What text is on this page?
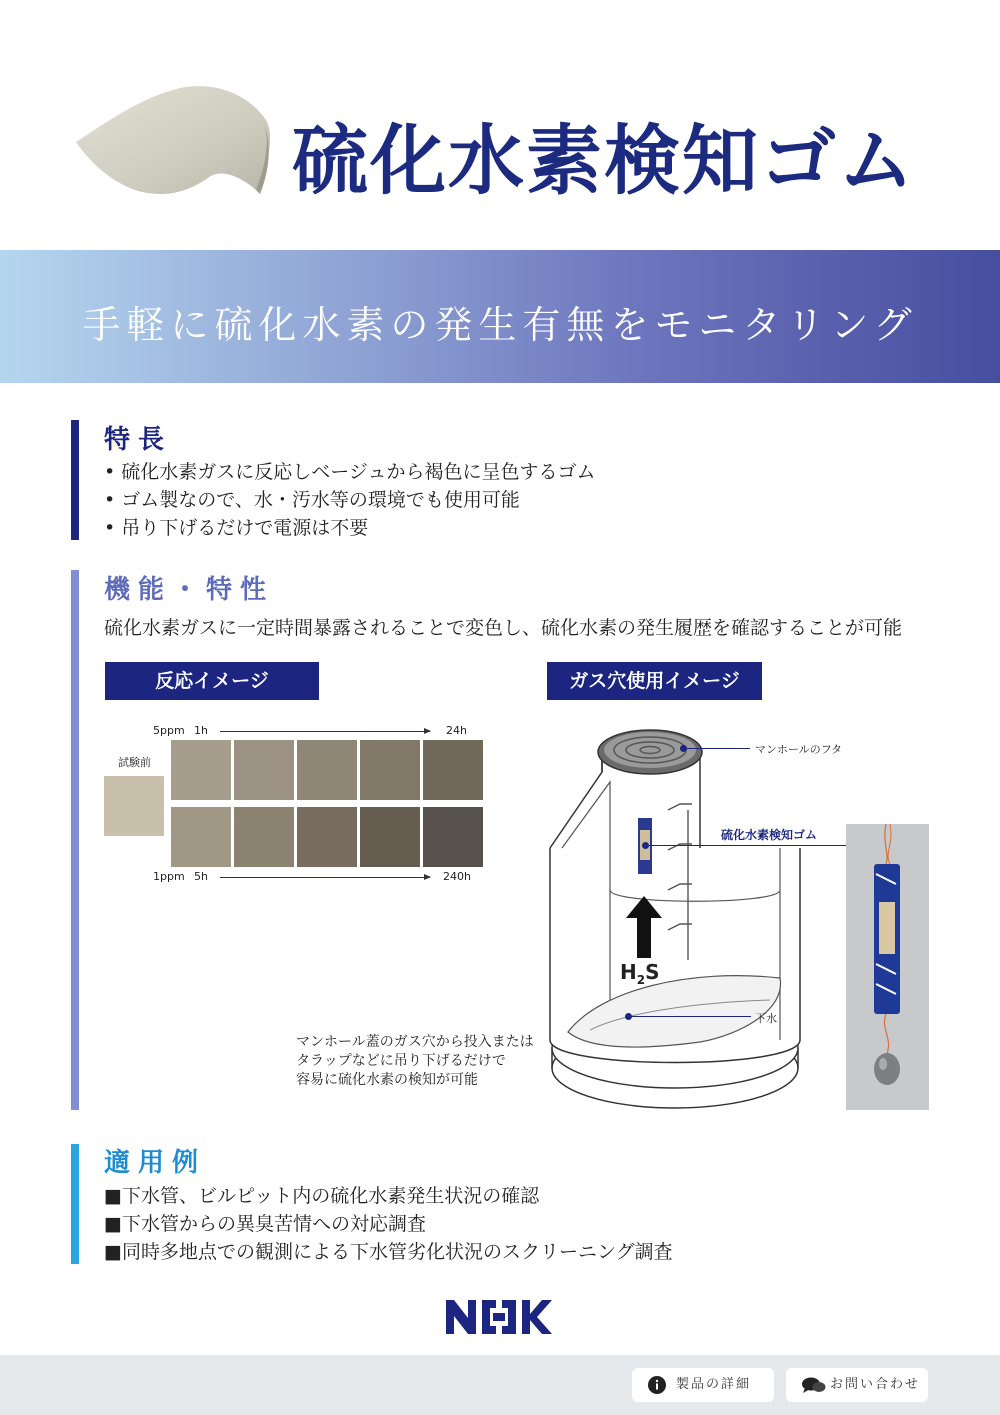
硫化水素検知ゴム
手軽に硫化水素の発生有無をモニタリング
特長
• 硫化水素ガスに反応しベージュから褐色に呈色するゴム
• ゴム製なので、水・汚水等の環境でも使用可能
• 吊り下げるだけで電源は不要
機能・特性
硫化水素ガスに一定時間暴露されることで変色し、硫化水素の発生履歴を確認することが可能
反応イメージ
5ppm 1h	24h
試験前
1ppm 5h	240h
ガス穴使用イメージ
マンホールのフタ
硫化水素検知ゴム
下水
$H_2S$
マンホール蓋のガス穴から投入または
タラップなどに吊り下げるだけで
容易に硫化水素の検知が可能
適用例
■下水管、ビルピット内の硫化水素発生状況の確認
■下水管からの異臭苦情への対応調査
■同時多地点での観測による下水管劣化状況のスクリーニング調査
製品の詳細	お問い合わせ
